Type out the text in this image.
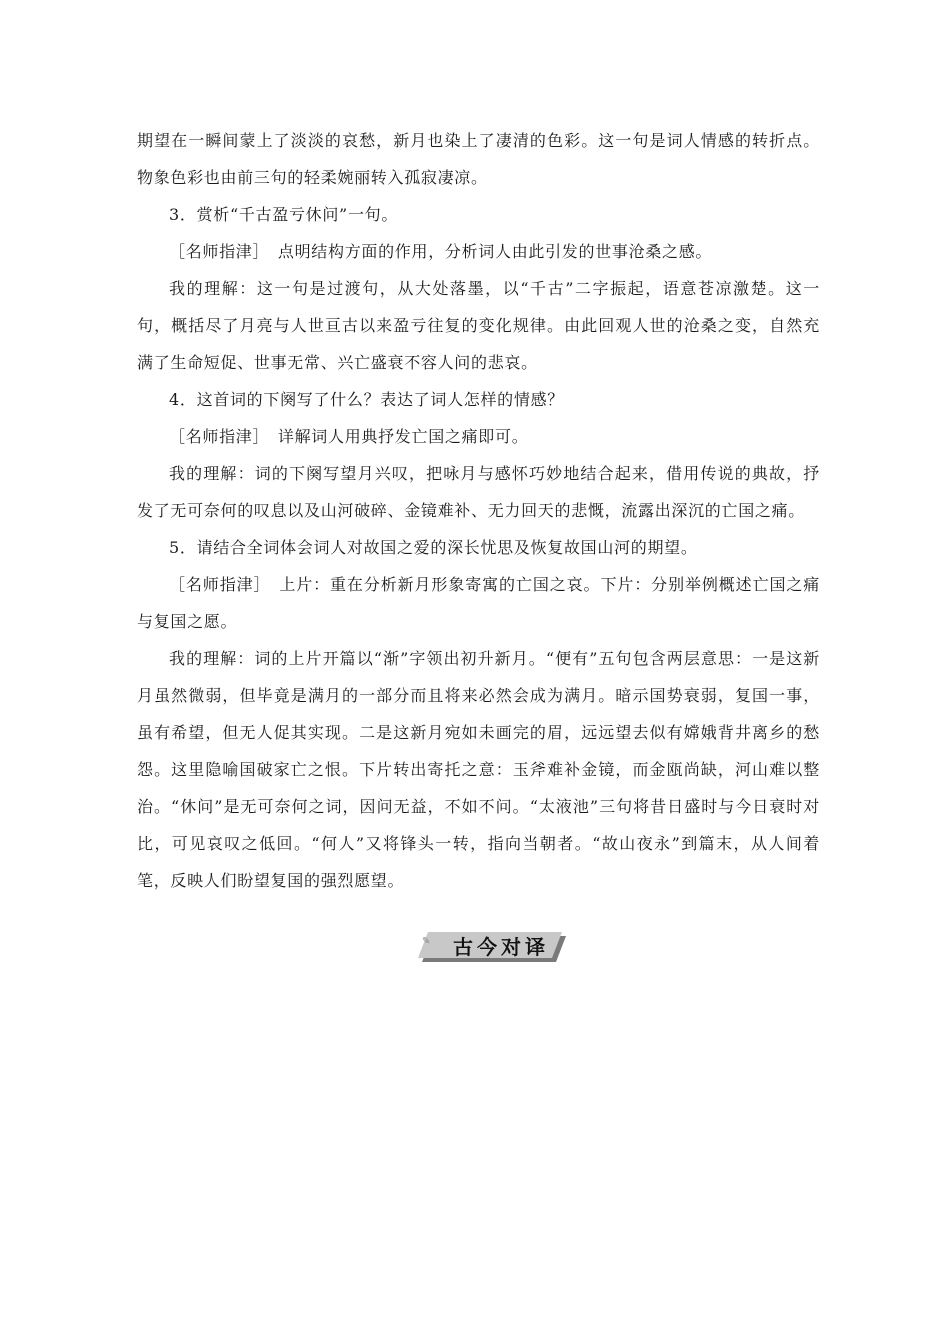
期望在一瞬间蒙上了淡淡的哀愁，新月也染上了凄清的色彩。这一句是词人情感的转折点。物象色彩也由前三句的轻柔婉丽转入孤寂凄凉。

3．赏析“千古盈亏休问”一句。

［名师指津］　点明结构方面的作用，分析词人由此引发的世事沧桑之感。

我的理解：这一句是过渡句，从大处落墨，以“千古”二字振起，语意苍凉激楚。这一句，概括尽了月亮与人世亘古以来盈亏往复的变化规律。由此回观人世的沧桑之变，自然充满了生命短促、世事无常、兴亡盛衰不容人问的悲哀。

4．这首词的下阕写了什么？表达了词人怎样的情感？

［名师指津］　详解词人用典抒发亡国之痛即可。

我的理解：词的下阕写望月兴叹，把咏月与感怀巧妙地结合起来，借用传说的典故，抒发了无可奈何的叹息以及山河破碎、金镜难补、无力回天的悲慨，流露出深沉的亡国之痛。

5．请结合全词体会词人对故国之爱的深长忧思及恢复故国山河的期望。

［名师指津］　上片：重在分析新月形象寄寓的亡国之哀。下片：分别举例概述亡国之痛与复国之愿。

我的理解：词的上片开篇以“渐”字领出初升新月。“便有”五句包含两层意思：一是这新月虽然微弱，但毕竟是满月的一部分而且将来必然会成为满月。暗示国势衰弱，复国一事，虽有希望，但无人促其实现。二是这新月宛如未画完的眉，远远望去似有嫦娥背井离乡的愁怨。这里隐喻国破家亡之恨。下片转出寄托之意：玉斧难补金镜，而金瓯尚缺，河山难以整治。“休问”是无可奈何之词，因问无益，不如不问。“太液池”三句将昔日盛时与今日衰时对比，可见哀叹之低回。“何人”又将锋头一转，指向当朝者。“故山夜永”到篇末，从人间着笔，反映人们盼望复国的强烈愿望。

✎	古今对译
